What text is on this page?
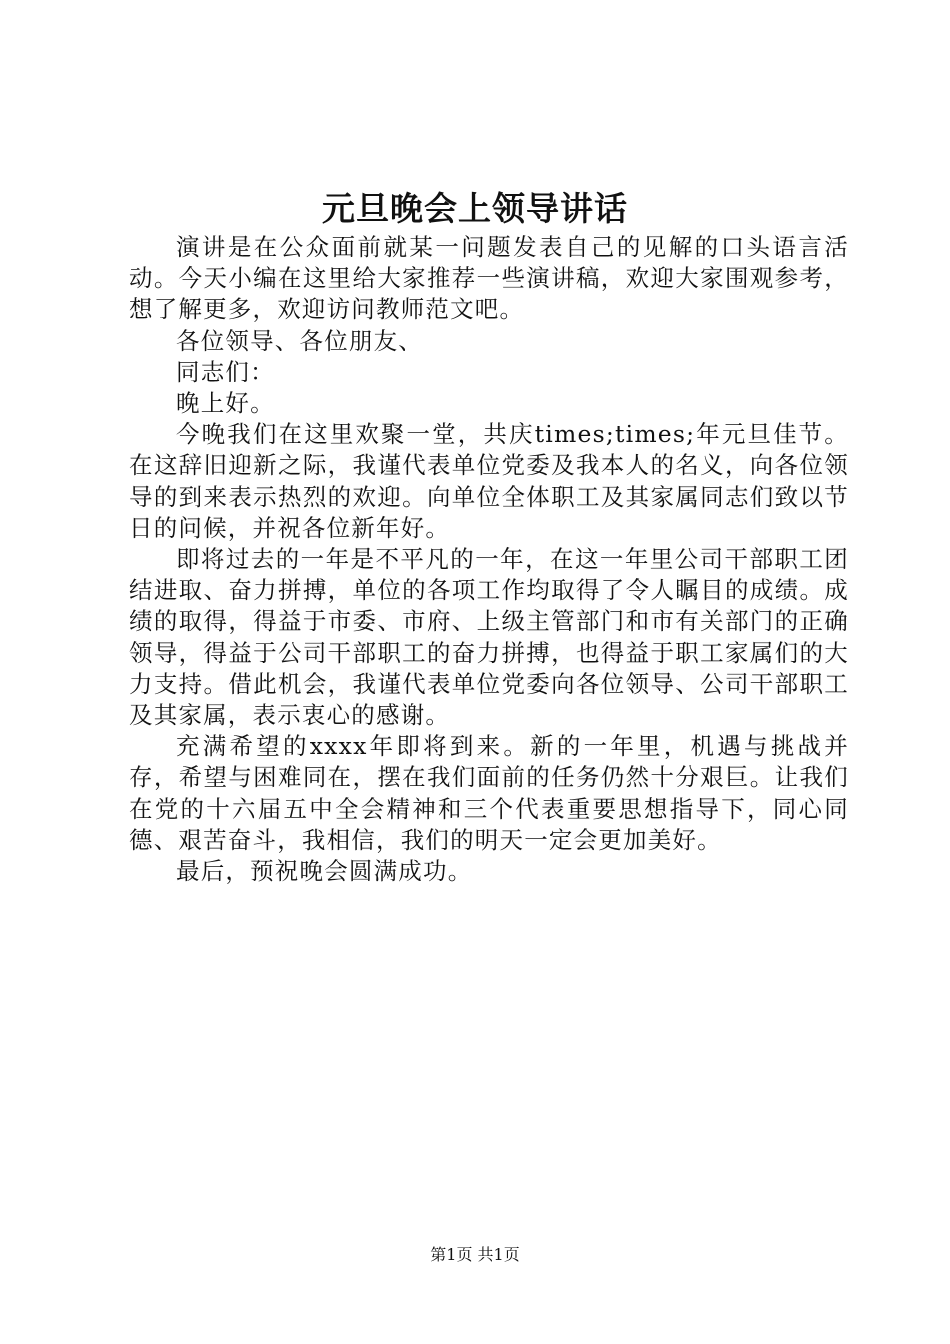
元旦晚会上领导讲话

演讲是在公众面前就某一问题发表自己的见解的口头语言活动。今天小编在这里给大家推荐一些演讲稿，欢迎大家围观参考，想了解更多，欢迎访问教师范文吧。

各位领导、各位朋友、

同志们：

晚上好。

今晚我们在这里欢聚一堂，共庆times;times;年元旦佳节。在这辞旧迎新之际，我谨代表单位党委及我本人的名义，向各位领导的到来表示热烈的欢迎。向单位全体职工及其家属同志们致以节日的问候，并祝各位新年好。

即将过去的一年是不平凡的一年，在这一年里公司干部职工团结进取、奋力拼搏，单位的各项工作均取得了令人瞩目的成绩。成绩的取得，得益于市委、市府、上级主管部门和市有关部门的正确领导，得益于公司干部职工的奋力拼搏，也得益于职工家属们的大力支持。借此机会，我谨代表单位党委向各位领导、公司干部职工及其家属，表示衷心的感谢。

充满希望的xxxx年即将到来。新的一年里，机遇与挑战并存，希望与困难同在，摆在我们面前的任务仍然十分艰巨。让我们在党的十六届五中全会精神和三个代表重要思想指导下，同心同德、艰苦奋斗，我相信，我们的明天一定会更加美好。

最后，预祝晚会圆满成功。

第1页 共1页
